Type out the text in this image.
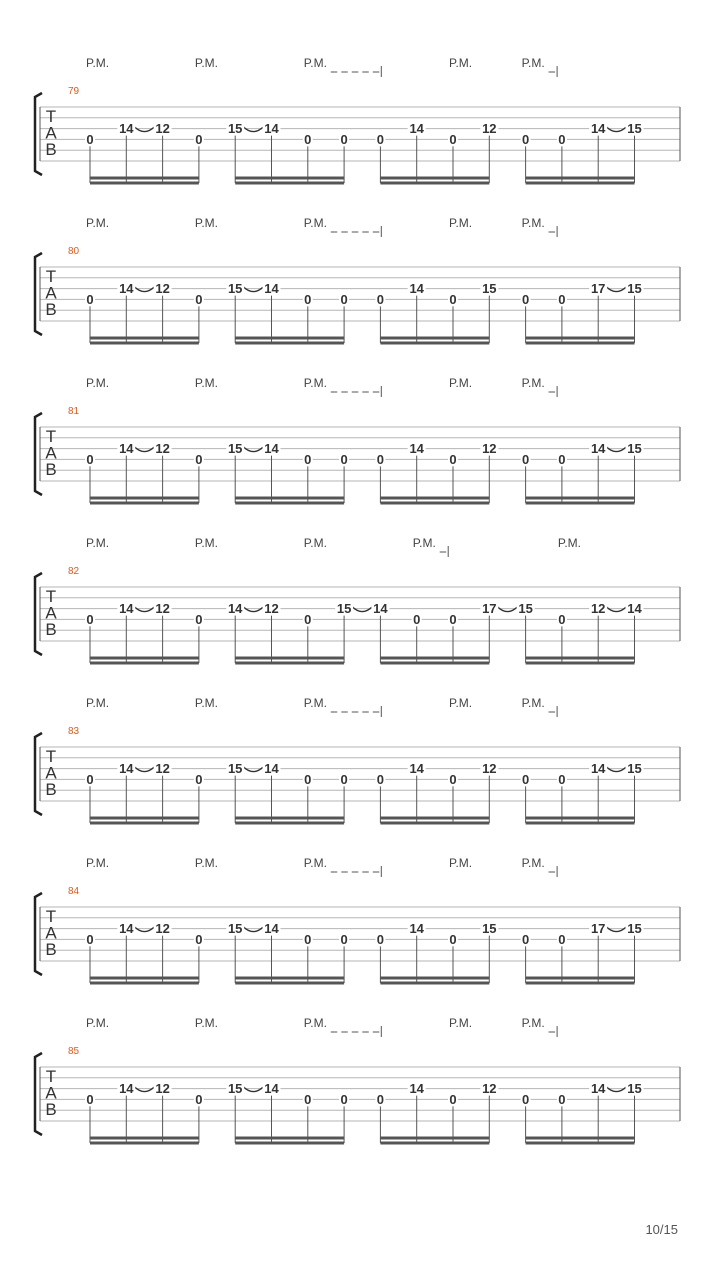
T
A
B
79
P.M.	P.M.	P.M.	P.M.	P.M.
0
14 12
0
15 14
0 0 0
14
0
12
0 0
14 15
T
A
B
80
P.M.	P.M.	P.M.	P.M.	P.M.
0
14 12
0
15 14
0 0 0
14
0
15
0 0
17 15
T
A
B
81
P.M.	P.M.	P.M.	P.M.	P.M.
0
14 12
0
15 14
0 0 0
14
0
12
0 0
14 15
T
A
B
82
P.M.	P.M.	P.M.	P.M.	P.M.
0
14 12
0
14 12
0
15 14
0 0
17 15
0
12 14
T
A
B
83
P.M.	P.M.	P.M.	P.M.	P.M.
0
14 12
0
15 14
0 0 0
14
0
12
0 0
14 15
T
A
B
84
P.M.	P.M.	P.M.	P.M.	P.M.
0
14 12
0
15 14
0 0 0
14
0
15
0 0
17 15
T
A
B
85
P.M.	P.M.	P.M.	P.M.	P.M.
0
14 12
0
15 14
0 0 0
14
0
12
0 0
14 15
10/15
